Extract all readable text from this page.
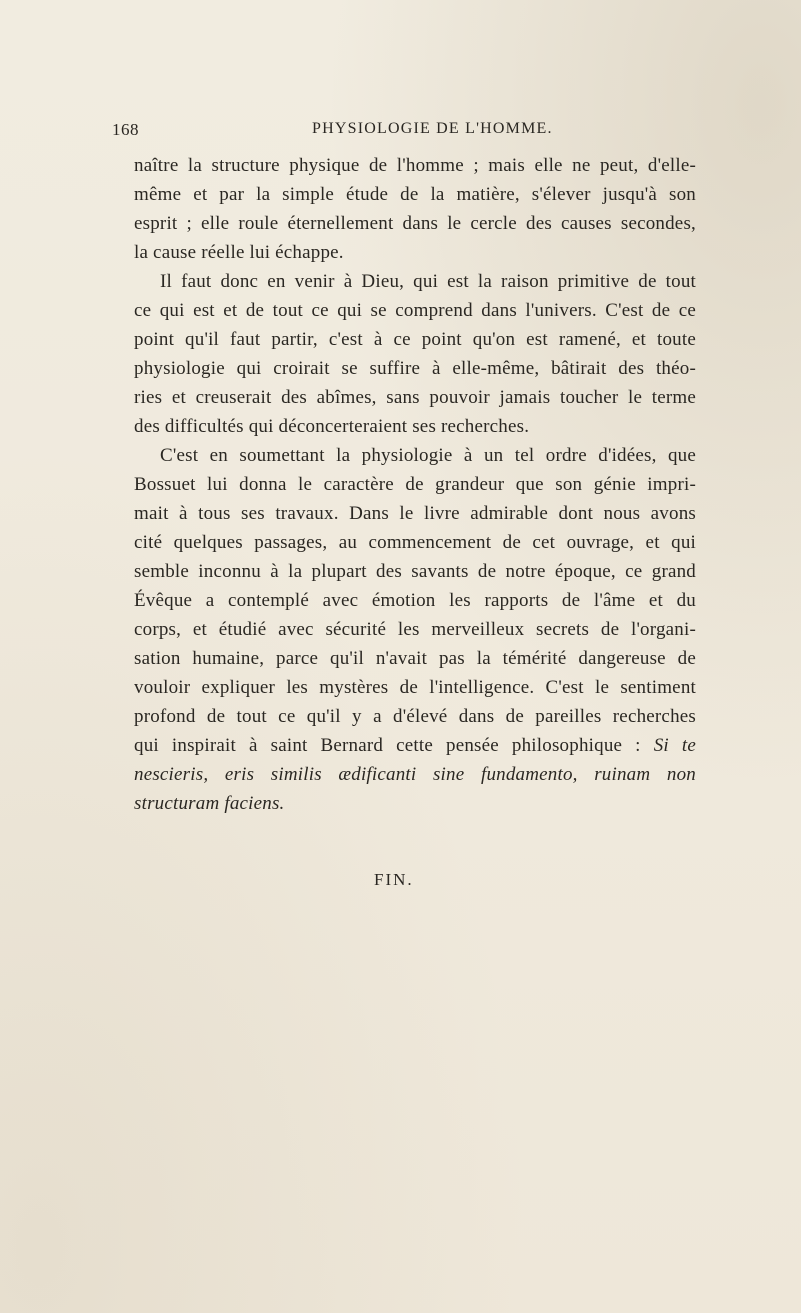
168	PHYSIOLOGIE DE L'HOMME.
naître la structure physique de l'homme ; mais elle ne peut, d'elle-
même et par la simple étude de la matière, s'élever jusqu'à son
esprit ; elle roule éternellement dans le cercle des causes secondes,
la cause réelle lui échappe.
Il faut donc en venir à Dieu, qui est la raison primitive de tout
ce qui est et de tout ce qui se comprend dans l'univers. C'est de ce
point qu'il faut partir, c'est à ce point qu'on est ramené, et toute
physiologie qui croirait se suffire à elle-même, bâtirait des théo-
ries et creuserait des abîmes, sans pouvoir jamais toucher le terme
des difficultés qui déconcerteraient ses recherches.
C'est en soumettant la physiologie à un tel ordre d'idées, que
Bossuet lui donna le caractère de grandeur que son génie impri-
mait à tous ses travaux. Dans le livre admirable dont nous avons
cité quelques passages, au commencement de cet ouvrage, et qui
semble inconnu à la plupart des savants de notre époque, ce grand
Évêque a contemplé avec émotion les rapports de l'âme et du
corps, et étudié avec sécurité les merveilleux secrets de l'organi-
sation humaine, parce qu'il n'avait pas la témérité dangereuse de
vouloir expliquer les mystères de l'intelligence. C'est le sentiment
profond de tout ce qu'il y a d'élevé dans de pareilles recherches
qui inspirait à saint Bernard cette pensée philosophique : Si te
nescieris, eris similis ædificanti sine fundamento, ruinam non
structuram faciens.
FIN.
